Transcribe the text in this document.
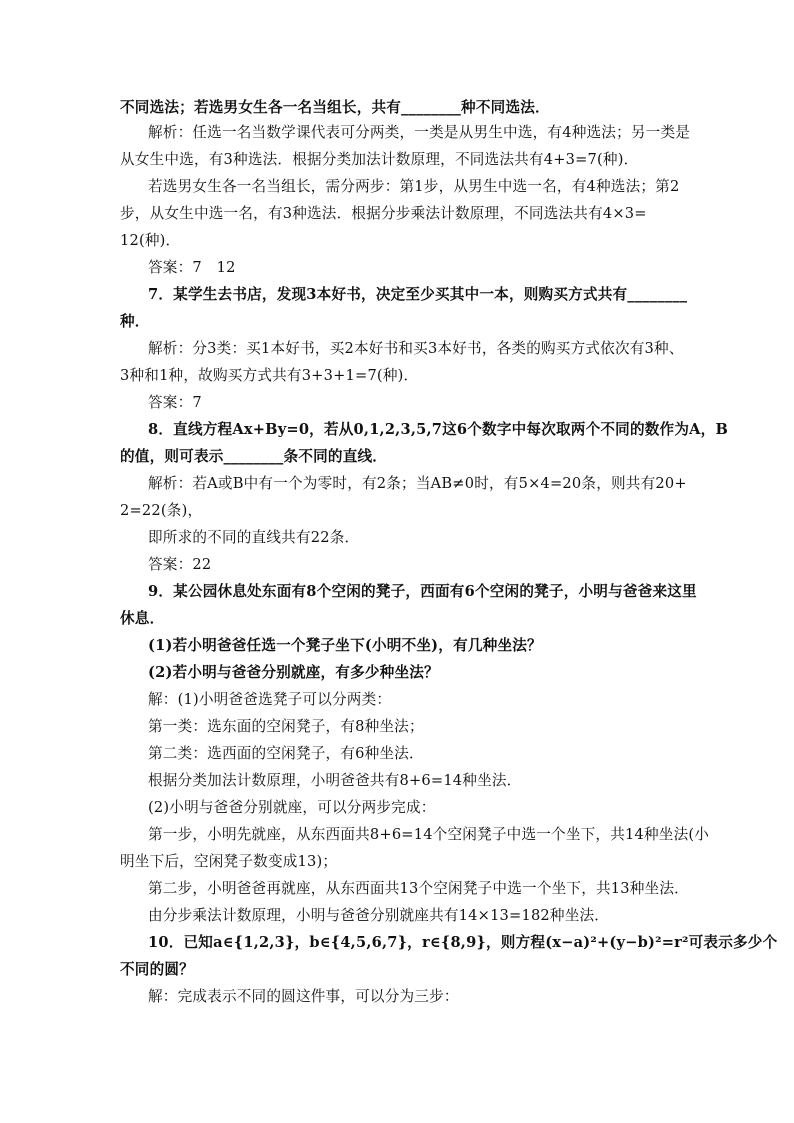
不同选法；若选男女生各一名当组长，共有________种不同选法．
解析：任选一名当数学课代表可分两类，一类是从男生中选，有4种选法；另一类是
从女生中选，有3种选法．根据分类加法计数原理，不同选法共有4+3=7(种)．
若选男女生各一名当组长，需分两步：第1步，从男生中选一名，有4种选法；第2
步，从女生中选一名，有3种选法．根据分步乘法计数原理，不同选法共有4×3=
12(种)．
答案：7　12
7．某学生去书店，发现3本好书，决定至少买其中一本，则购买方式共有________
种．
解析：分3类：买1本好书，买2本好书和买3本好书，各类的购买方式依次有3种、
3种和1种，故购买方式共有3+3+1=7(种)．
答案：7
8．直线方程Ax+By=0，若从0,1,2,3,5,7这6个数字中每次取两个不同的数作为A，B
的值，则可表示________条不同的直线．
解析：若A或B中有一个为零时，有2条；当AB≠0时，有5×4=20条，则共有20+
2=22(条)，
即所求的不同的直线共有22条．
答案：22
9．某公园休息处东面有8个空闲的凳子，西面有6个空闲的凳子，小明与爸爸来这里
休息．
(1)若小明爸爸任选一个凳子坐下(小明不坐)，有几种坐法？
(2)若小明与爸爸分别就座，有多少种坐法？
解：(1)小明爸爸选凳子可以分两类：
第一类：选东面的空闲凳子，有8种坐法；
第二类：选西面的空闲凳子，有6种坐法．
根据分类加法计数原理，小明爸爸共有8+6=14种坐法．
(2)小明与爸爸分别就座，可以分两步完成：
第一步，小明先就座，从东西面共8+6=14个空闲凳子中选一个坐下，共14种坐法(小
明坐下后，空闲凳子数变成13)；
第二步，小明爸爸再就座，从东西面共13个空闲凳子中选一个坐下，共13种坐法．
由分步乘法计数原理，小明与爸爸分别就座共有14×13=182种坐法．
10．已知a∈{1,2,3}，b∈{4,5,6,7}，r∈{8,9}，则方程(x−a)²+(y−b)²=r²可表示多少个
不同的圆？
解：完成表示不同的圆这件事，可以分为三步：
